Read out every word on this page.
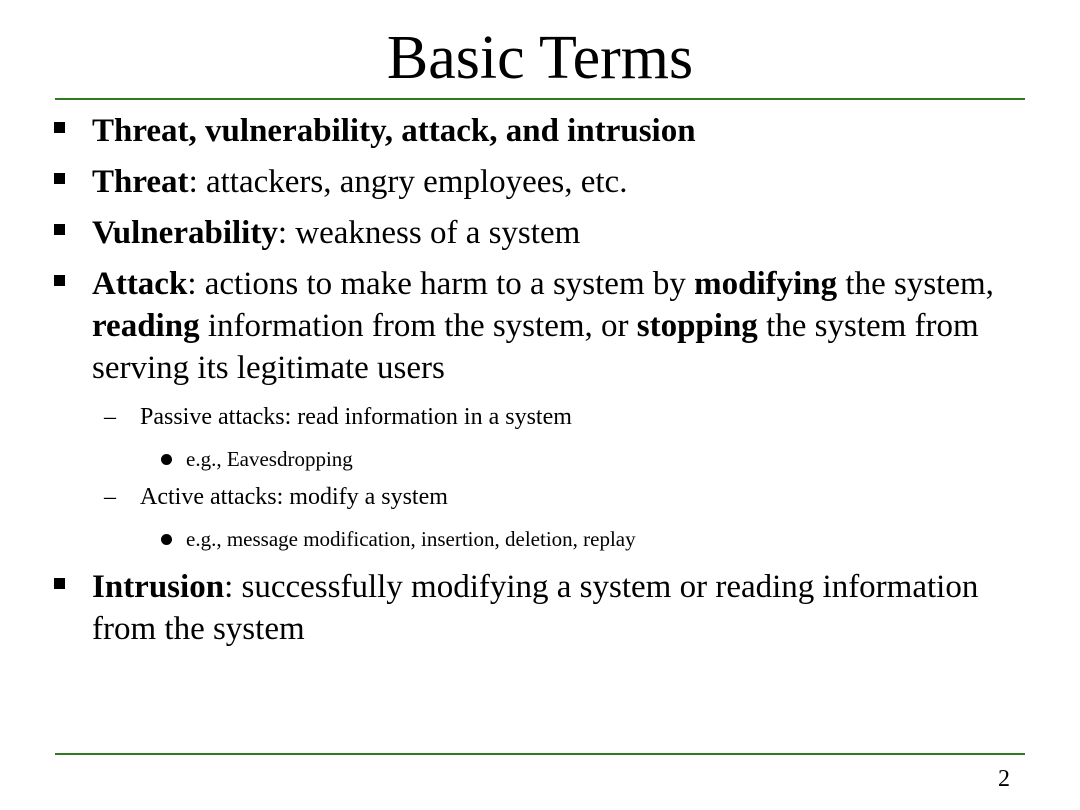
Basic Terms
Threat, vulnerability, attack, and intrusion
Threat: attackers, angry employees, etc.
Vulnerability: weakness of a system
Attack: actions to make harm to a system by modifying the system, reading information from the system, or stopping the system from serving its legitimate users
– Passive attacks: read information in a system
e.g., Eavesdropping
– Active attacks: modify a system
e.g., message modification, insertion, deletion, replay
Intrusion: successfully modifying a system or reading information from the system
2
